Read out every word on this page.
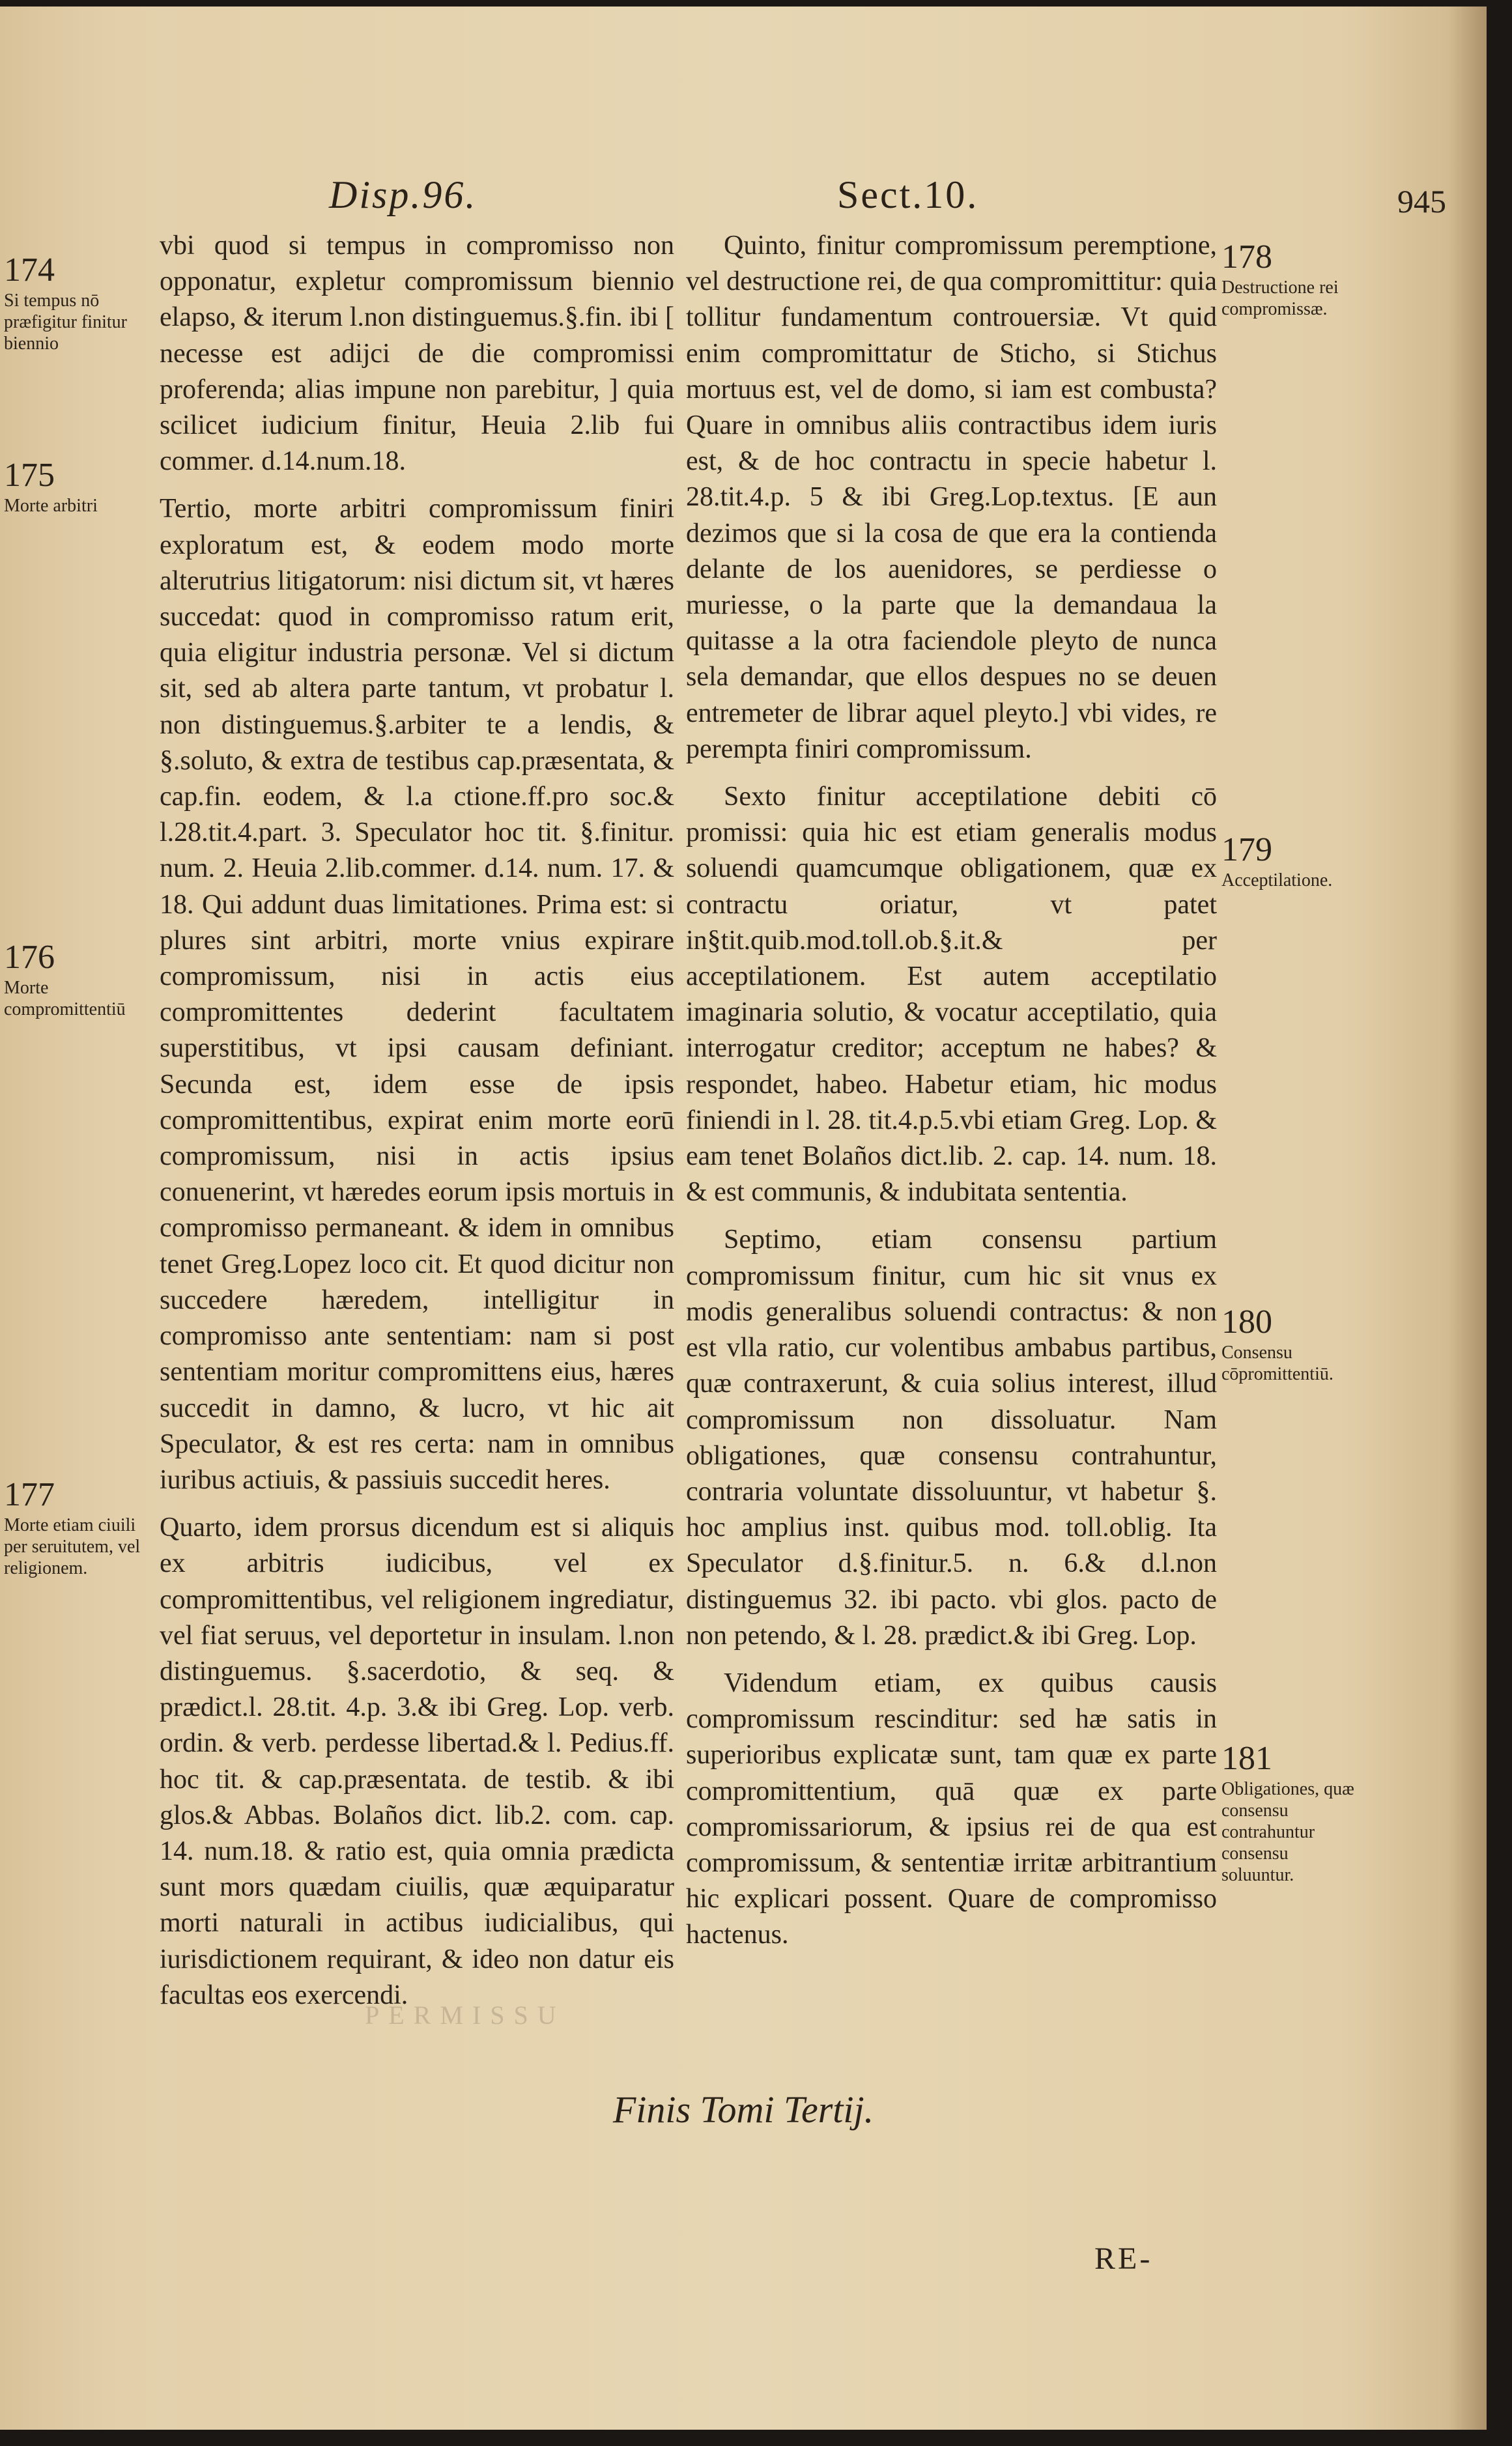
Disp.96.	Sect.10.	945

vbi quod si tempus in compromisso non opponatur, expletur compromissum biennio elapso, & iterum l.non distinguemus.§.fin. ibi [ necesse est adijci de die compromissi proferenda; alias impune non parebitur, ] quia scilicet iudicium finitur, Heuia 2.lib fui commer. d.14.num.18.

Tertio, morte arbitri compromissum finiri exploratum est, & eodem modo morte alterutrius litigatorum: nisi dictum sit, vt hæres succedat: quod in compromisso ratum erit, quia eligitur industria personæ. Vel si dictum sit, sed ab altera parte tantum, vt probatur l. non distinguemus.§.arbiter te a lendis, & §.soluto, & extra de testibus cap.præsentata, & cap.fin. eodem, & l.a ctione.ff.pro soc.& l.28.tit.4.part. 3. Speculator hoc tit. §.finitur. num. 2. Heuia 2.lib.commer. d.14. num. 17. & 18. Qui addunt duas limitationes. Prima est: si plures sint arbitri, morte vnius expirare compromissum, nisi in actis eius compromittentes dederint facultatem superstitibus, vt ipsi causam definiant. Secunda est, idem esse de ipsis compromittentibus, expirat enim morte eorū compromissum, nisi in actis ipsius conuenerint, vt hæredes eorum ipsis mortuis in compromisso permaneant. & idem in omnibus tenet Greg.Lopez loco cit. Et quod dicitur non succedere hæredem, intelligitur in compromisso ante sententiam: nam si post sententiam moritur compromittens eius, hæres succedit in damno, & lucro, vt hic ait Speculator, & est res certa: nam in omnibus iuribus actiuis, & passiuis succedit heres.

Quarto, idem prorsus dicendum est si aliquis ex arbitris iudicibus, vel ex compromittentibus, vel religionem ingrediatur, vel fiat seruus, vel deportetur in insulam. l.non distinguemus. §.sacerdotio, & seq. & prædict.l. 28.tit. 4.p. 3.& ibi Greg. Lop. verb. ordin. & verb. perdesse libertad.& l. Pedius.ff. hoc tit. & cap.præsentata. de testib. & ibi glos.& Abbas. Bolaños dict. lib.2. com. cap. 14. num.18. & ratio est, quia omnia prædicta sunt mors quædam ciuilis, quæ æquiparatur morti naturali in actibus iudicialibus, qui iurisdictionem requirant, & ideo non datur eis facultas eos exercendi.

Quinto, finitur compromissum peremptione, vel destructione rei, de qua compromittitur: quia tollitur fundamentum controuersiæ. Vt quid enim compromittatur de Sticho, si Stichus mortuus est, vel de domo, si iam est combusta? Quare in omnibus aliis contractibus idem iuris est, & de hoc contractu in specie habetur l. 28.tit.4.p. 5 & ibi Greg.Lop.textus. [E aun dezimos que si la cosa de que era la contienda delante de los auenidores, se perdiesse o muriesse, o la parte que la demandaua la quitasse a la otra faciendole pleyto de nunca sela demandar, que ellos despues no se deuen entremeter de librar aquel pleyto.] vbi vides, re perempta finiri compromissum.

Sexto finitur acceptilatione debiti cō promissi: quia hic est etiam generalis modus soluendi quamcumque obligationem, quæ ex contractu oriatur, vt patet in§tit.quib.mod.toll.ob.§.it.& per acceptilationem. Est autem acceptilatio imaginaria solutio, & vocatur acceptilatio, quia interrogatur creditor; acceptum ne habes? & respondet, habeo. Habetur etiam, hic modus finiendi in l. 28. tit.4.p.5.vbi etiam Greg. Lop. & eam tenet Bolaños dict.lib. 2. cap. 14. num. 18. & est communis, & indubitata sententia.

Septimo, etiam consensu partium compromissum finitur, cum hic sit vnus ex modis generalibus soluendi contractus: & non est vlla ratio, cur volentibus ambabus partibus, quæ contraxerunt, & cuia solius interest, illud compromissum non dissoluatur. Nam obligationes, quæ consensu contrahuntur, contraria voluntate dissoluuntur, vt habetur §. hoc amplius inst. quibus mod. toll.oblig. Ita Speculator d.§.finitur.5. n. 6.& d.l.non distinguemus 32. ibi pacto. vbi glos. pacto de non petendo, & l. 28. prædict.& ibi Greg. Lop.

Videndum etiam, ex quibus causis compromissum rescinditur: sed hæ satis in superioribus explicatæ sunt, tam quæ ex parte compromittentium, quā quæ ex parte compromissariorum, & ipsius rei de qua est compromissum, & sententiæ irritæ arbitrantium hic explicari possent. Quare de compromisso hactenus.

174
Si tempus nō præfigitur finitur biennio
175
Morte arbitri
176
Morte compromittentiū
177
Morte etiam ciuili per seruitutem, vel religionem.
178
Destructione rei compromissæ.
179
Acceptilatione.
180
Consensu cōpromittentiū.
181
Obligationes, quæ consensu contrahuntur consensu soluuntur.
PERMISSU
Finis Tomi Tertij.
RE-
